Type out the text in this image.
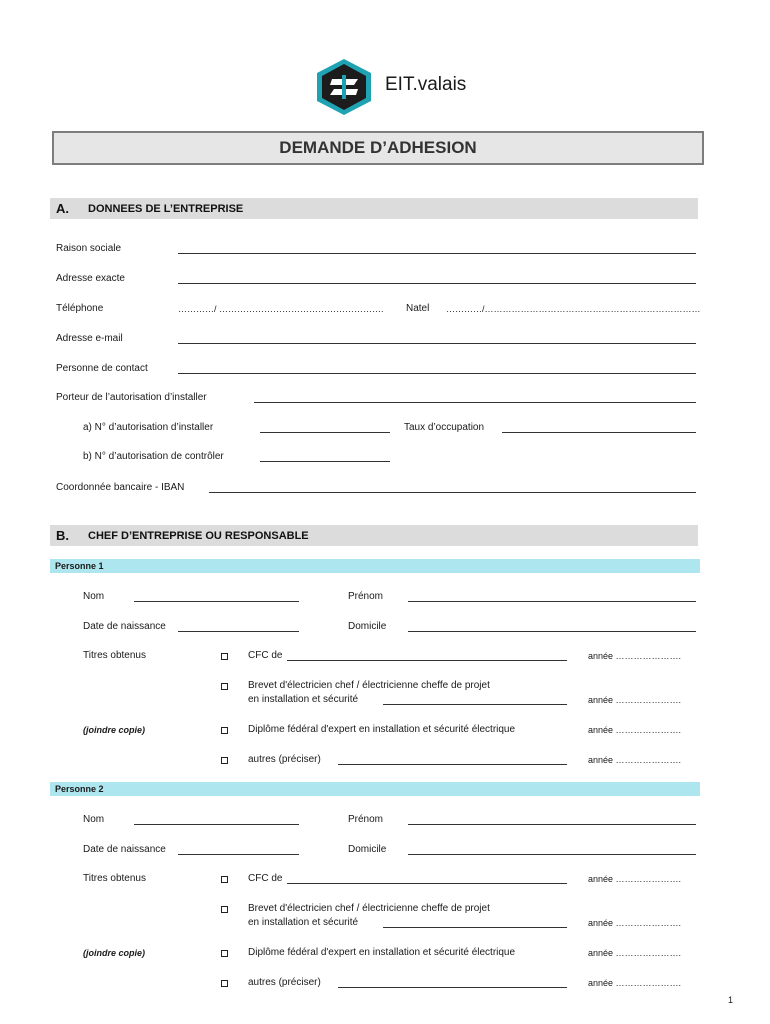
EIT.valais
DEMANDE D’ADHESION
A.	DONNEES DE L’ENTREPRISE
Raison sociale
Adresse exacte
Téléphone	…………/ ………………………………………………. Natel …………/………………………………………………………………
Adresse e-mail
Personne de contact
Porteur de l’autorisation d’installer
a) N° d’autorisation d’installer	Taux d’occupation
b) N° d’autorisation de contrôler
Coordonnée bancaire - IBAN
B.	CHEF D’ENTREPRISE OU RESPONSABLE
Personne 1
Nom	Prénom
Date de naissance	Domicile
Titres obtenus	CFC de	année ………………….
Brevet d'électricien chef / électricienne cheffe de projet
en installation et sécurité	année ………………….
(joindre copie)	Diplôme fédéral d'expert en installation et sécurité électrique	année ………………….
autres (préciser)	année ………………….
Personne 2
Nom	Prénom
Date de naissance	Domicile
Titres obtenus	CFC de	année ………………….
Brevet d'électricien chef / électricienne cheffe de projet
en installation et sécurité	année ………………….
(joindre copie)	Diplôme fédéral d'expert en installation et sécurité électrique	année ………………….
autres (préciser)	année ………………….
1
